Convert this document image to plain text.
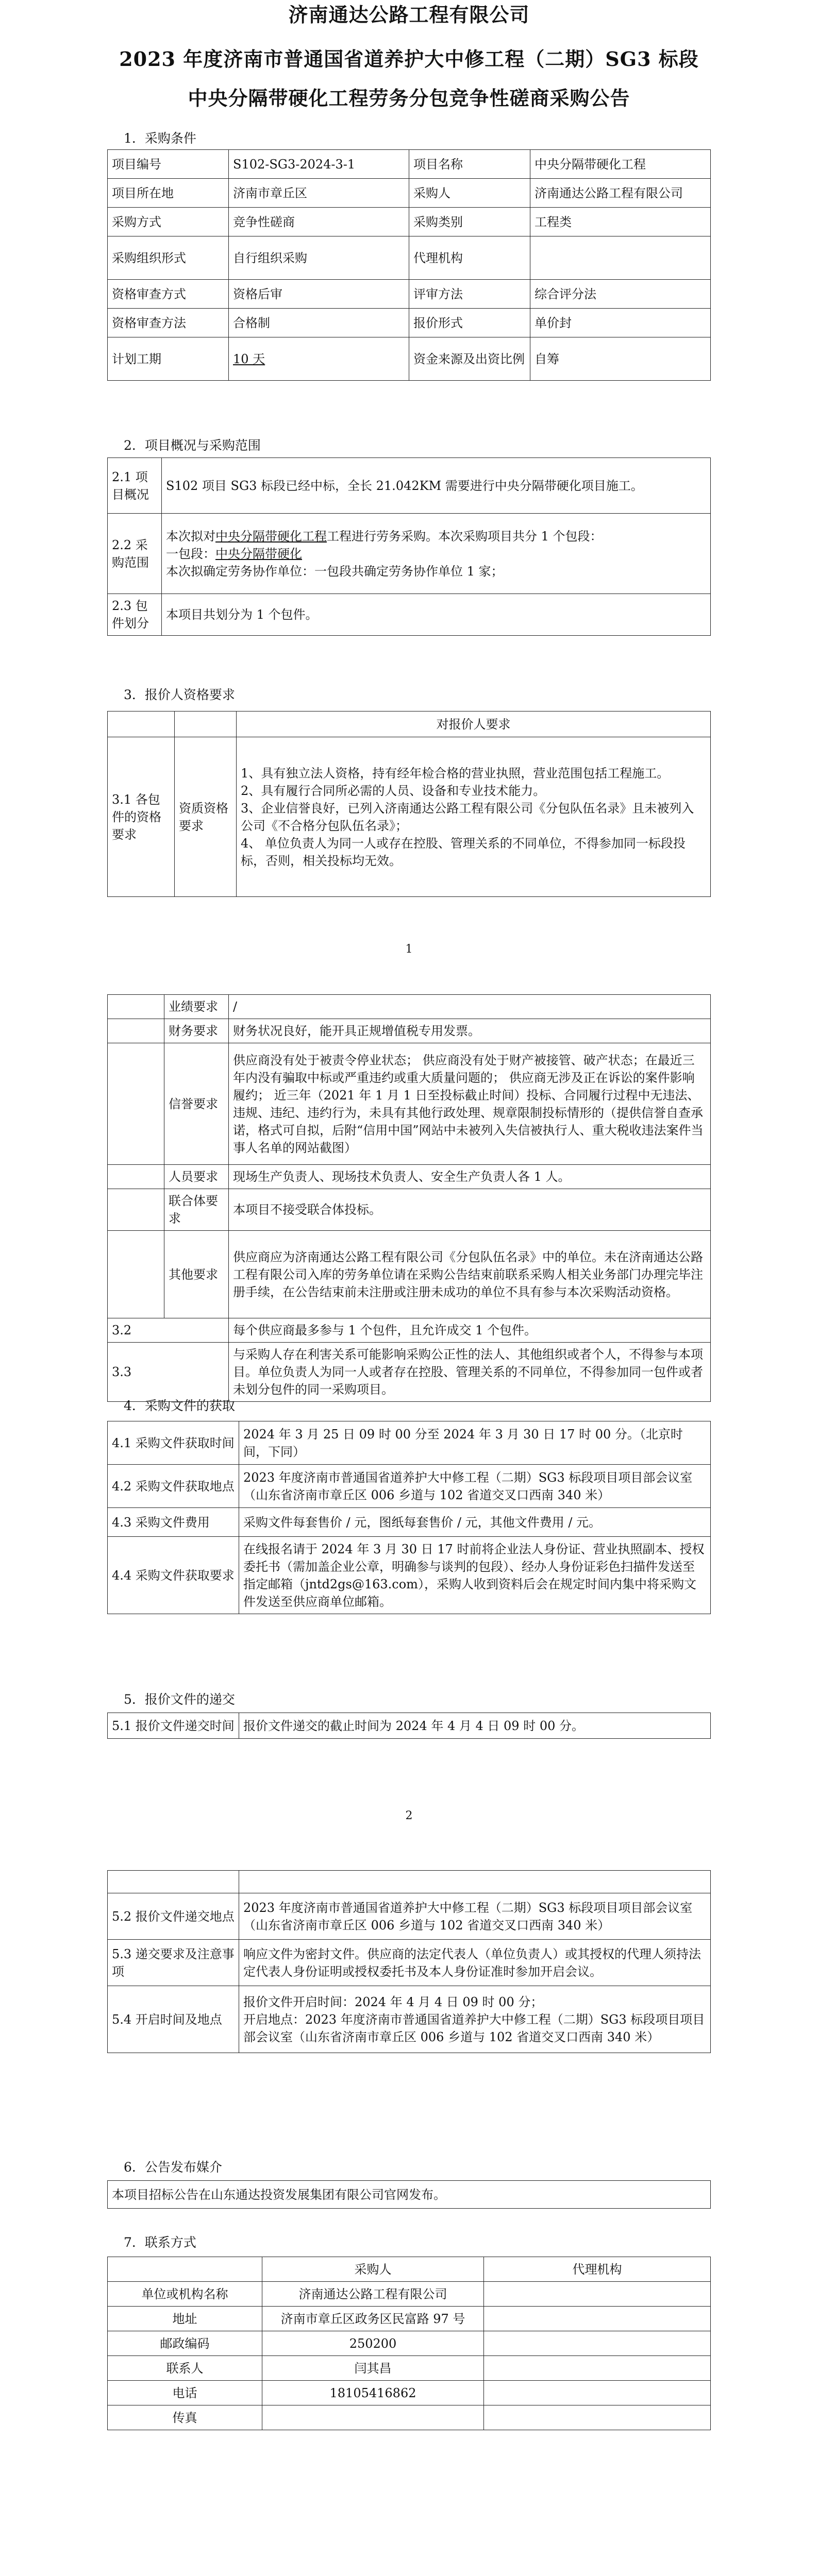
济南通达公路工程有限公司
2023 年度济南市普通国省道养护大中修工程（二期）SG3 标段
中央分隔带硬化工程劳务分包竞争性磋商采购公告
1．采购条件
项目编号	S102-SG3-2024-3-1	项目名称	中央分隔带硬化工程
项目所在地	济南市章丘区	采购人	济南通达公路工程有限公司
采购方式	竞争性磋商	采购类别	工程类
采购组织形式	自行组织采购	代理机构	
资格审查方式	资格后审	评审方法	综合评分法
资格审查方法	合格制	报价形式	单价封
计划工期	10 天	资金来源及出资比例	自筹
2．项目概况与采购范围
2.1 项目概况	S102 项目 SG3 标段已经中标，全长 21.042KM 需要进行中央分隔带硬化项目施工。
2.2 采购范围	本次拟对中央分隔带硬化工程工程进行劳务采购。本次采购项目共分 1 个包段：
一包段：中央分隔带硬化
本次拟确定劳务协作单位：一包段共确定劳务协作单位 1 家；

2.3 包件划分	本项目共划分为 1 个包件。
3．报价人资格要求
		对报价人要求
3.1 各包件的资格要求	资质资格要求	1、具有独立法人资格，持有经年检合格的营业执照，营业范围包括工程施工。
2、具有履行合同所必需的人员、设备和专业技术能力。
3、企业信誉良好，已列入济南通达公路工程有限公司《分包队伍名录》且未被列入公司《不合格分包队伍名录》；
4、 单位负责人为同一人或存在控股、管理关系的不同单位，不得参加同一标段投标，否则，相关投标均无效。
1
	业绩要求	/
	财务要求	财务状况良好，能开具正规增值税专用发票。
	信誉要求	供应商没有处于被责令停业状态； 供应商没有处于财产被接管、破产状态；在最近三年内没有骗取中标或严重违约或重大质量问题的； 供应商无涉及正在诉讼的案件影响履约； 近三年（2021 年 1 月 1 日至投标截止时间）投标、合同履行过程中无违法、违规、违纪、违约行为，未具有其他行政处理、规章限制投标情形的（提供信誉自查承诺，格式可自拟，后附“信用中国”网站中未被列入失信被执行人、重大税收违法案件当事人名单的网站截图）
	人员要求	现场生产负责人、现场技术负责人、安全生产负责人各 1 人。
	联合体要求	本项目不接受联合体投标。
	其他要求	供应商应为济南通达公路工程有限公司《分包队伍名录》中的单位。未在济南通达公路工程有限公司入库的劳务单位请在采购公告结束前联系采购人相关业务部门办理完毕注册手续，在公告结束前未注册或注册未成功的单位不具有参与本次采购活动资格。
3.2		每个供应商最多参与 1 个包件，且允许成交 1 个包件。
3.3		与采购人存在利害关系可能影响采购公正性的法人、其他组织或者个人，不得参与本项目。单位负责人为同一人或者存在控股、管理关系的不同单位，不得参加同一包件或者未划分包件的同一采购项目。
4．采购文件的获取
4.1 采购文件获取时间	2024 年 3 月 25 日 09 时 00 分至 2024 年 3 月 30 日 17 时 00 分。（北京时间，下同）
4.2 采购文件获取地点	2023 年度济南市普通国省道养护大中修工程（二期）SG3 标段项目项目部会议室（山东省济南市章丘区 006 乡道与 102 省道交叉口西南 340 米）
4.3 采购文件费用	采购文件每套售价 / 元，图纸每套售价 / 元，其他文件费用 / 元。
4.4 采购文件获取要求	在线报名请于 2024 年 3 月 30 日 17 时前将企业法人身份证、营业执照副本、授权委托书（需加盖企业公章，明确参与谈判的包段）、经办人身份证彩色扫描件发送至指定邮箱（jntd2gs@163.com），采购人收到资料后会在规定时间内集中将采购文件发送至供应商单位邮箱。
5．报价文件的递交
5.1 报价文件递交时间	报价文件递交的截止时间为 2024 年 4 月 4 日 09 时 00 分。
2

5.2 报价文件递交地点	2023 年度济南市普通国省道养护大中修工程（二期）SG3 标段项目项目部会议室（山东省济南市章丘区 006 乡道与 102 省道交叉口西南 340 米）
5.3 递交要求及注意事项	响应文件为密封文件。供应商的法定代表人（单位负责人）或其授权的代理人须持法定代表人身份证明或授权委托书及本人身份证准时参加开启会议。
5.4 开启时间及地点	报价文件开启时间：2024 年 4 月 4 日 09 时 00 分；
开启地点：2023 年度济南市普通国省道养护大中修工程（二期）SG3 标段项目项目部会议室（山东省济南市章丘区 006 乡道与 102 省道交叉口西南 340 米）
6．公告发布媒介
本项目招标公告在山东通达投资发展集团有限公司官网发布。
7．联系方式
	采购人	代理机构
单位或机构名称	济南通达公路工程有限公司	
地址	济南市章丘区政务区民富路 97 号	
邮政编码	250200	
联系人	闫其昌	
电话	18105416862	
传真		
